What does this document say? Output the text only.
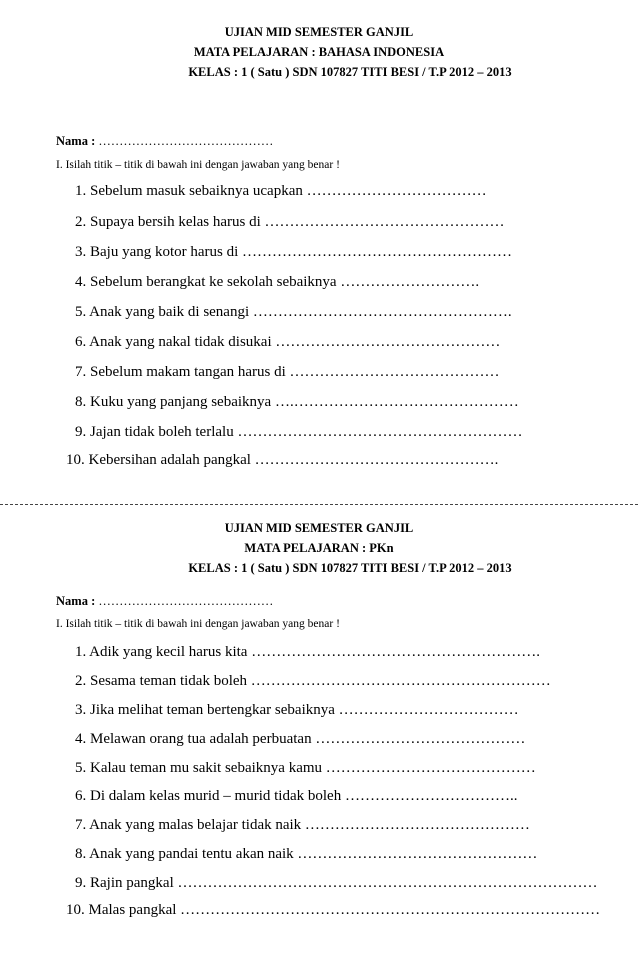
UJIAN MID SEMESTER GANJIL
MATA PELAJARAN : BAHASA INDONESIA
KELAS : 1 ( Satu ) SDN 107827 TITI BESI / T.P 2012 – 2013
Nama : ……………………………………
I. Isilah titik – titik di bawah ini dengan jawaban yang benar !
1. Sebelum masuk sebaiknya ucapkan ………………………………
2. Supaya bersih kelas harus di …………………………………………
3. Baju yang kotor harus di ………………………………………………
4. Sebelum berangkat ke sekolah sebaiknya ……………………….
5. Anak yang baik di senangi …………………………………………….
6. Anak yang nakal tidak disukai ………………………………………
7. Sebelum makam tangan harus di ……………………………………
8. Kuku yang panjang sebaiknya ….………………………………………
9. Jajan tidak boleh terlalu …………………………………………………
10. Kebersihan adalah pangkal ………………………………………….
UJIAN MID SEMESTER GANJIL
MATA PELAJARAN : PKn
KELAS : 1 ( Satu ) SDN 107827 TITI BESI / T.P 2012 – 2013
Nama : ……………………………………
I. Isilah titik – titik di bawah ini dengan jawaban yang benar !
1. Adik yang kecil harus kita ………………………………………………….
2. Sesama teman tidak boleh ……………………………………………………
3. Jika melihat teman bertengkar sebaiknya ………………………………
4. Melawan orang tua adalah perbuatan ……………………………………
5. Kalau teman mu sakit sebaiknya kamu ……………………………………
6. Di dalam kelas murid – murid tidak boleh ……………………………..
7. Anak yang malas belajar tidak naik ………………………………………
8. Anak yang pandai tentu akan naik …………………………………………
9. Rajin pangkal …………………………………………………………………………
10. Malas pangkal …………………………………………………………………………
